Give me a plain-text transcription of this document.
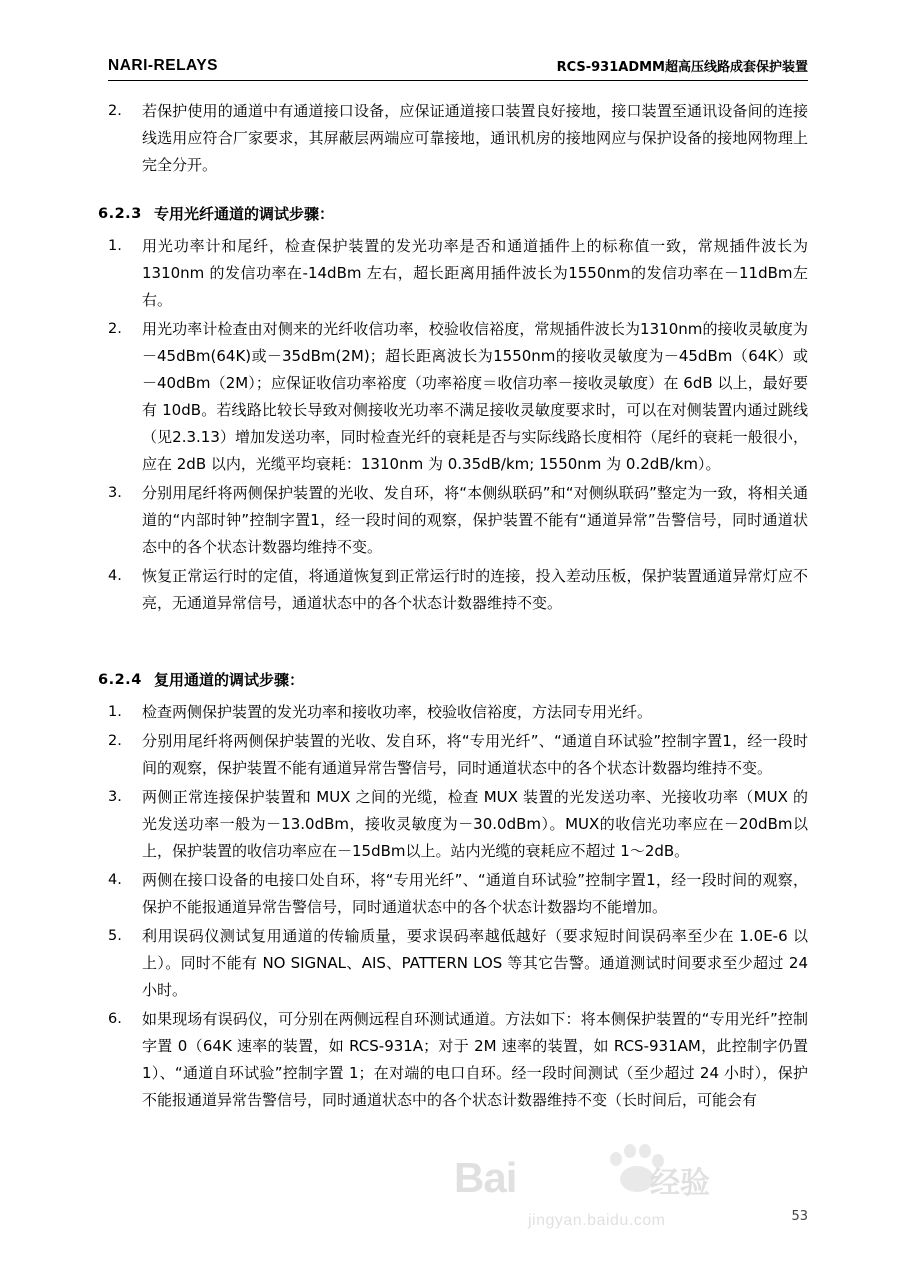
NARI-RELAYS	RCS-931ADMM超高压线路成套保护装置
2.	若保护使用的通道中有通道接口设备，应保证通道接口装置良好接地，接口装置至通讯设备间的连接线选用应符合厂家要求，其屏蔽层两端应可靠接地，通讯机房的接地网应与保护设备的接地网物理上完全分开。
6.2.3 专用光纤通道的调试步骤：
1.	用光功率计和尾纤，检查保护装置的发光功率是否和通道插件上的标称值一致，常规插件波长为 1310nm 的发信功率在-14dBm 左右，超长距离用插件波长为1550nm的发信功率在－11dBm左右。
2.	用光功率计检查由对侧来的光纤收信功率，校验收信裕度，常规插件波长为1310nm的接收灵敏度为－45dBm(64K)或－35dBm(2M)；超长距离波长为1550nm的接收灵敏度为－45dBm（64K）或－40dBm（2M）；应保证收信功率裕度（功率裕度＝收信功率－接收灵敏度）在 6dB 以上，最好要有 10dB。若线路比较长导致对侧接收光功率不满足接收灵敏度要求时，可以在对侧装置内通过跳线（见2.3.13）增加发送功率，同时检查光纤的衰耗是否与实际线路长度相符（尾纤的衰耗一般很小，应在 2dB 以内，光缆平均衰耗：1310nm 为 0.35dB/km; 1550nm 为 0.2dB/km）。
3.	分别用尾纤将两侧保护装置的光收、发自环，将“本侧纵联码”和“对侧纵联码”整定为一致，将相关通道的“内部时钟”控制字置1，经一段时间的观察，保护装置不能有“通道异常”告警信号，同时通道状态中的各个状态计数器均维持不变。
4.	恢复正常运行时的定值，将通道恢复到正常运行时的连接，投入差动压板，保护装置通道异常灯应不亮，无通道异常信号，通道状态中的各个状态计数器维持不变。
6.2.4 复用通道的调试步骤：
1.	检查两侧保护装置的发光功率和接收功率，校验收信裕度，方法同专用光纤。
2.	分别用尾纤将两侧保护装置的光收、发自环，将“专用光纤”、“通道自环试验”控制字置1，经一段时间的观察，保护装置不能有通道异常告警信号，同时通道状态中的各个状态计数器均维持不变。
3.	两侧正常连接保护装置和 MUX 之间的光缆，检查 MUX 装置的光发送功率、光接收功率（MUX 的光发送功率一般为－13.0dBm，接收灵敏度为－30.0dBm）。MUX的收信光功率应在－20dBm以上，保护装置的收信功率应在－15dBm以上。站内光缆的衰耗应不超过 1～2dB。
4.	两侧在接口设备的电接口处自环，将“专用光纤”、“通道自环试验”控制字置1，经一段时间的观察，保护不能报通道异常告警信号，同时通道状态中的各个状态计数器均不能增加。
5.	利用误码仪测试复用通道的传输质量，要求误码率越低越好（要求短时间误码率至少在 1.0E-6 以上）。同时不能有 NO SIGNAL、AIS、PATTERN LOS 等其它告警。通道测试时间要求至少超过 24 小时。
6.	如果现场有误码仪，可分别在两侧远程自环测试通道。方法如下：将本侧保护装置的“专用光纤”控制字置 0（64K 速率的装置，如 RCS-931A；对于 2M 速率的装置，如 RCS-931AM，此控制字仍置1）、“通道自环试验”控制字置 1；在对端的电口自环。经一段时间测试（至少超过 24 小时），保护不能报通道异常告警信号，同时通道状态中的各个状态计数器维持不变（长时间后，可能会有
53
Bai	经验
jingyan.baidu.com
